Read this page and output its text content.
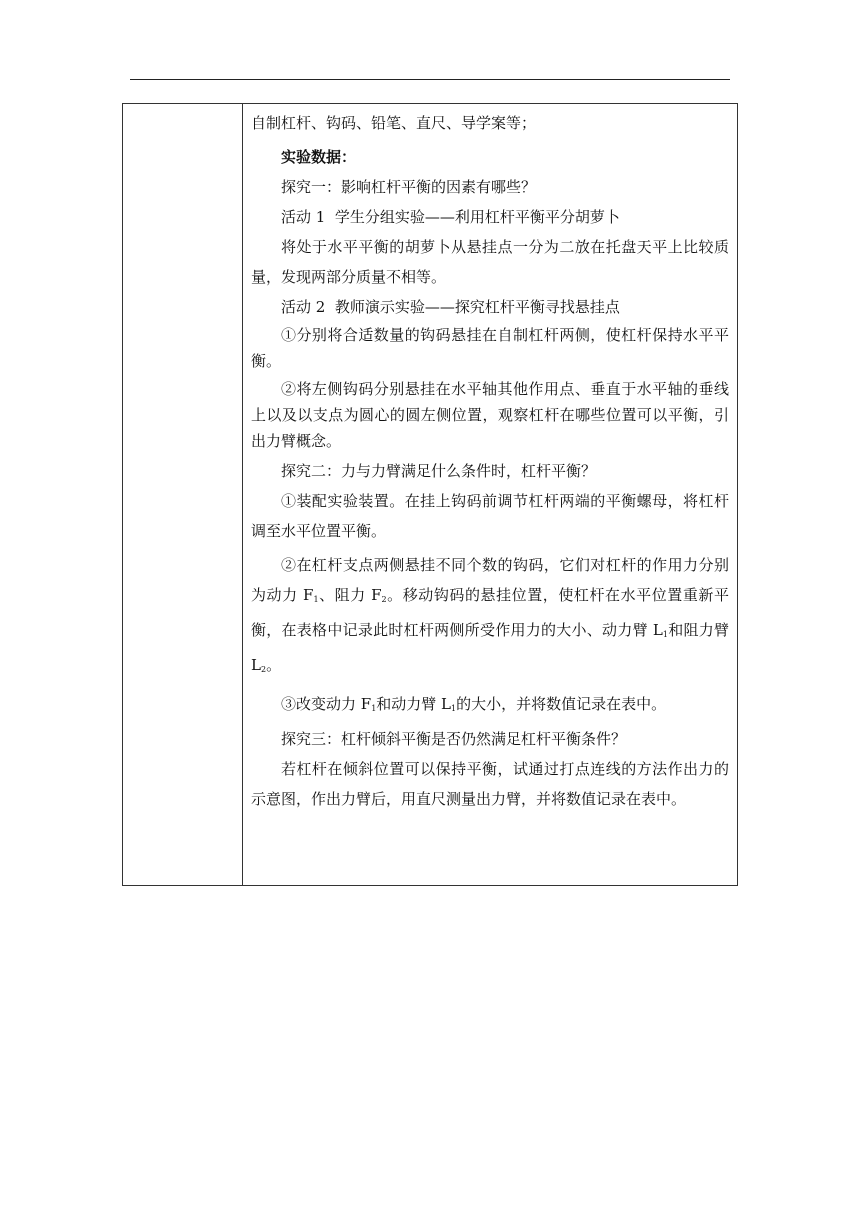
自制杠杆、钩码、铅笔、直尺、导学案等；

实验数据：

探究一：影响杠杆平衡的因素有哪些？

活动 1  学生分组实验——利用杠杆平衡平分胡萝卜

将处于水平平衡的胡萝卜从悬挂点一分为二放在托盘天平上比较质量，发现两部分质量不相等。

活动 2  教师演示实验——探究杠杆平衡寻找悬挂点

①分别将合适数量的钩码悬挂在自制杠杆两侧，使杠杆保持水平平衡。

②将左侧钩码分别悬挂在水平轴其他作用点、垂直于水平轴的垂线上以及以支点为圆心的圆左侧位置，观察杠杆在哪些位置可以平衡，引出力臂概念。

探究二：力与力臂满足什么条件时，杠杆平衡？

①装配实验装置。在挂上钩码前调节杠杆两端的平衡螺母，将杠杆调至水平位置平衡。

②在杠杆支点两侧悬挂不同个数的钩码，它们对杠杆的作用力分别为动力 $F_1$、阻力 $F_2$。移动钩码的悬挂位置，使杠杆在水平位置重新平衡，在表格中记录此时杠杆两侧所受作用力的大小、动力臂 $L_1$和阻力臂 $L_2$。

③改变动力 $F_1$和动力臂 $L_1$的大小，并将数值记录在表中。

探究三：杠杆倾斜平衡是否仍然满足杠杆平衡条件？

若杠杆在倾斜位置可以保持平衡，试通过打点连线的方法作出力的示意图，作出力臂后，用直尺测量出力臂，并将数值记录在表中。
